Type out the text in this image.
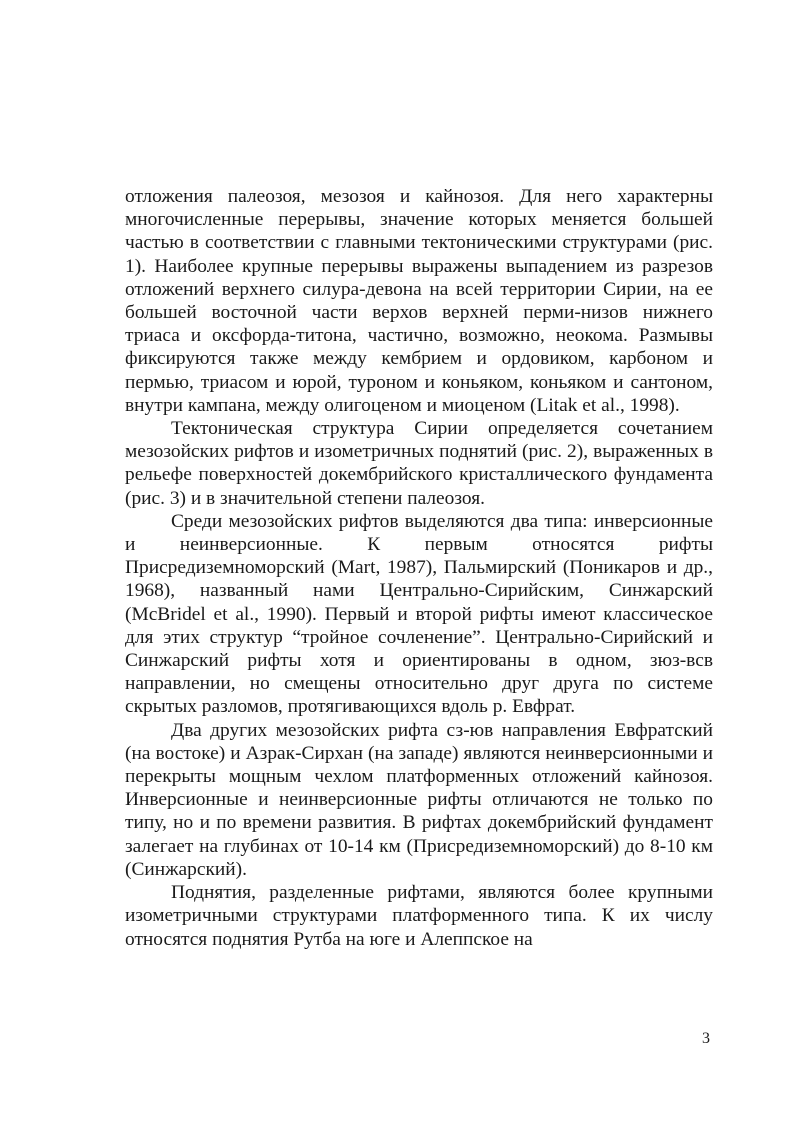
отложения палеозоя, мезозоя и кайнозоя. Для него характерны многочисленные перерывы, значение которых меняется большей частью в соответствии с главными тектоническими структурами (рис. 1). Наиболее крупные перерывы выражены выпадением из разрезов отложений верхнего силура-девона на всей территории Сирии, на ее большей восточной части верхов верхней перми-низов нижнего триаса и оксфорда-титона, частично, возможно, неокома. Размывы фиксируются также между кембрием и ордовиком, карбоном и пермью, триасом и юрой, туроном и коньяком, коньяком и сантоном, внутри кампана, между олигоценом и миоценом (Litak et al., 1998).

Тектоническая структура Сирии определяется сочетанием мезозойских рифтов и изометричных поднятий (рис. 2), выраженных в рельефе поверхностей докембрийского кристаллического фундамента (рис. 3) и в значительной степени палеозоя.

Среди мезозойских рифтов выделяются два типа: инверсионные и неинверсионные. К первым относятся рифты Присредиземноморский (Mart, 1987), Пальмирский (Поникаров и др., 1968), названный нами Центрально-Сирийским, Синжарский (McBridel et al., 1990). Первый и второй рифты имеют классическое для этих структур “тройное сочленение”. Центрально-Сирийский и Синжарский рифты хотя и ориентированы в одном, зюз-всв направлении, но смещены относительно друг друга по системе скрытых разломов, протягивающихся вдоль р. Евфрат.

Два других мезозойских рифта сз-юв направления Евфратский (на востоке) и Азрак-Сирхан (на западе) являются неинверсионными и перекрыты мощным чехлом платформенных отложений кайнозоя. Инверсионные и неинверсионные рифты отличаются не только по типу, но и по времени развития. В рифтах докембрийский фундамент залегает на глубинах от 10-14 км (Присредиземноморский) до 8-10 км (Синжарский).

Поднятия, разделенные рифтами, являются более крупными изометричными структурами платформенного типа. К их числу относятся поднятия Рутба на юге и Алеппское на

3
